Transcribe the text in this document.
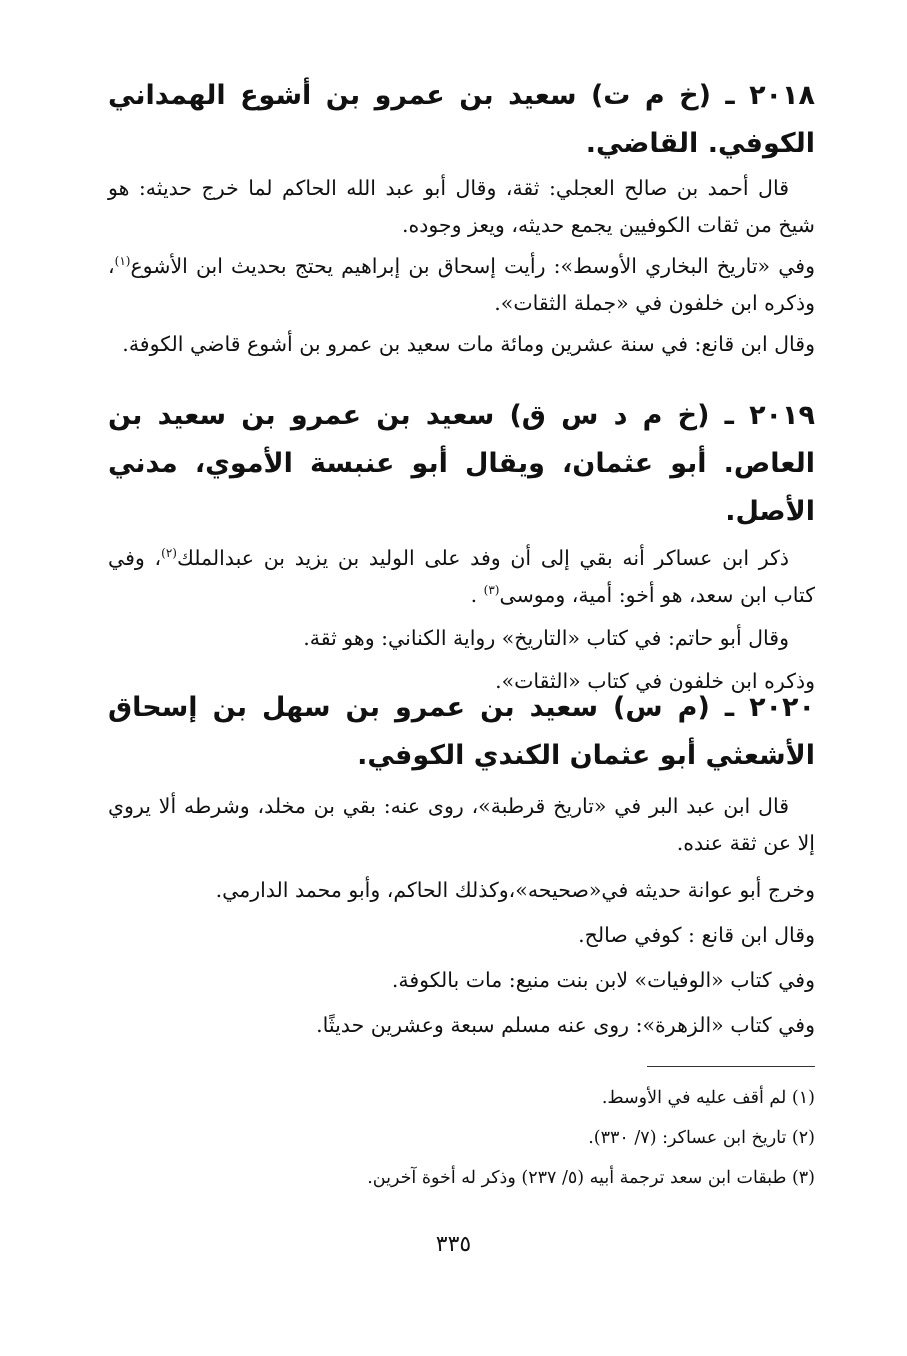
٢٠١٨ ـ (خ م ت) سعيد بن عمرو بن أشوع الهمداني الكوفي. القاضي.
قال أحمد بن صالح العجلي: ثقة، وقال أبو عبد الله الحاكم لما خرج حديثه: هو شيخ من ثقات الكوفيين يجمع حديثه، ويعز وجوده.
وفي «تاريخ البخاري الأوسط»: رأيت إسحاق بن إبراهيم يحتج بحديث ابن الأشوع$^{(١)}$، وذكره ابن خلفون في «جملة الثقات».
وقال ابن قانع: في سنة عشرين ومائة مات سعيد بن عمرو بن أشوع قاضي الكوفة.
٢٠١٩ ـ (خ م د س ق) سعيد بن عمرو بن سعيد بن العاص. أبو عثمان، ويقال أبو عنبسة الأموي، مدني الأصل.
ذكر ابن عساكر أنه بقي إلى أن وفد على الوليد بن يزيد بن عبدالملك$^{(٢)}$، وفي كتاب ابن سعد، هو أخو: أمية، وموسى$^{(٣)}$ .
وقال أبو حاتم: في كتاب «التاريخ» رواية الكناني: وهو ثقة.
وذكره ابن خلفون في كتاب «الثقات».
٢٠٢٠ ـ (م س) سعيد بن عمرو بن سهل بن إسحاق الأشعثي أبو عثمان الكندي الكوفي.
قال ابن عبد البر في «تاريخ قرطبة»، روى عنه: بقي بن مخلد، وشرطه ألا يروي إلا عن ثقة عنده.
وخرج أبو عوانة حديثه في«صحيحه»،وكذلك الحاكم، وأبو محمد الدارمي.
وقال ابن قانع : كوفي صالح.
وفي كتاب «الوفيات» لابن بنت منيع: مات بالكوفة.
وفي كتاب «الزهرة»: روى عنه مسلم سبعة وعشرين حديثًا.
(١) لم أقف عليه في الأوسط.
(٢) تاريخ ابن عساكر: (٧/ ٣٣٠).
(٣) طبقات ابن سعد ترجمة أبيه (٥/ ٢٣٧) وذكر له أخوة آخرين.
٣٣٥
